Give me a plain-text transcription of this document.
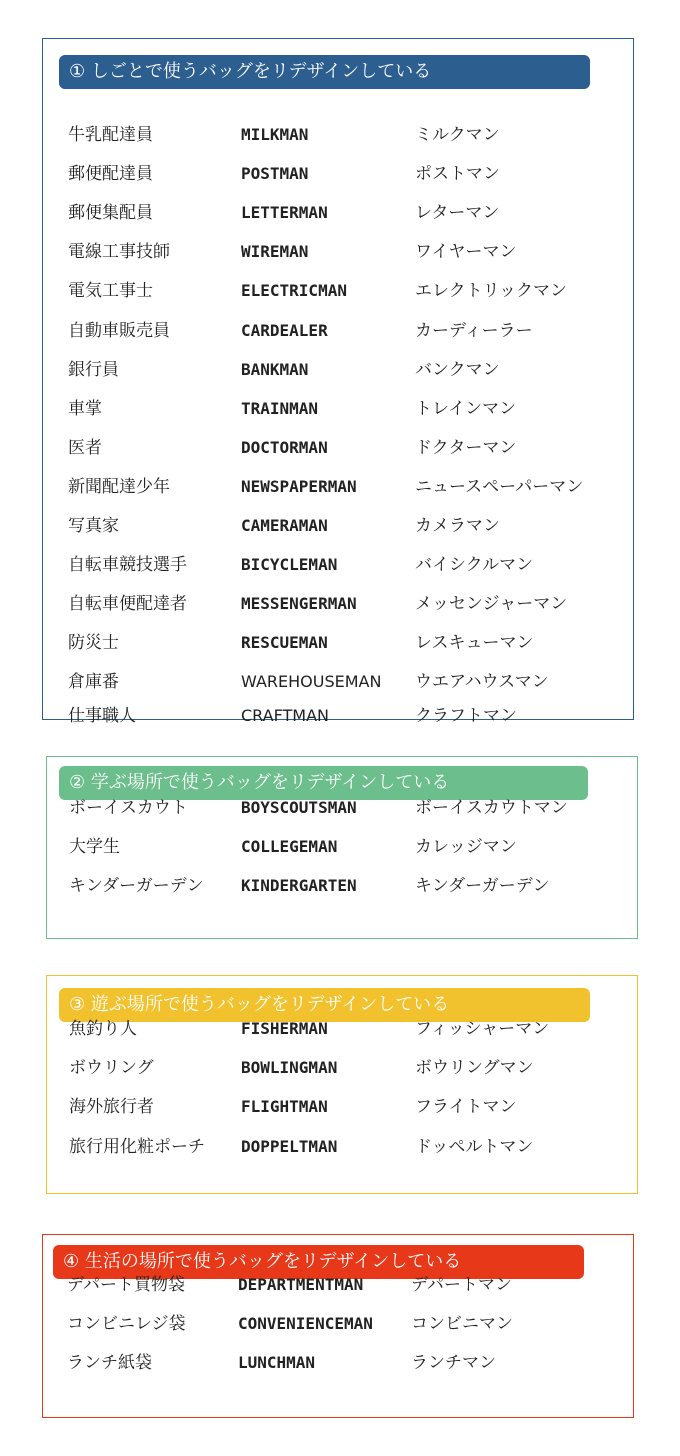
① しごとで使うバッグをリデザインしている
牛乳配達員	MILKMAN	ミルクマン
郵便配達員	POSTMAN	ポストマン
郵便集配員	LETTERMAN	レターマン
電線工事技師	WIREMAN	ワイヤーマン
電気工事士	ELECTRICMAN	エレクトリックマン
自動車販売員	CARDEALER	カーディーラー
銀行員	BANKMAN	バンクマン
車掌	TRAINMAN	トレインマン
医者	DOCTORMAN	ドクターマン
新聞配達少年	NEWSPAPERMAN	ニュースペーパーマン
写真家	CAMERAMAN	カメラマン
自転車競技選手	BICYCLEMAN	バイシクルマン
自転車便配達者	MESSENGERMAN	メッセンジャーマン
防災士	RESCUEMAN	レスキューマン
倉庫番	WAREHOUSEMAN ウエアハウスマン
仕事職人	CRAFTMAN	クラフトマン
② 学ぶ場所で使うバッグをリデザインしている
ボーイスカウト	BOYSCOUTSMAN	ボーイスカウトマン
大学生	COLLEGEMAN	カレッジマン
キンダーガーデン KINDERGARTEN	キンダーガーデン
③ 遊ぶ場所で使うバッグをリデザインしている
魚釣り人	FISHERMAN	フィッシャーマン
ボウリング	BOWLINGMAN	ボウリングマン
海外旅行者	FLIGHTMAN	フライトマン
旅行用化粧ポーチ DOPPELTMAN	ドッペルトマン
④ 生活の場所で使うバッグをリデザインしている
デパート買物袋	DEPARTMENTMAN	デパートマン
コンビニレジ袋	CONVENIENCEMAN コンビニマン
ランチ紙袋	LUNCHMAN	ランチマン
